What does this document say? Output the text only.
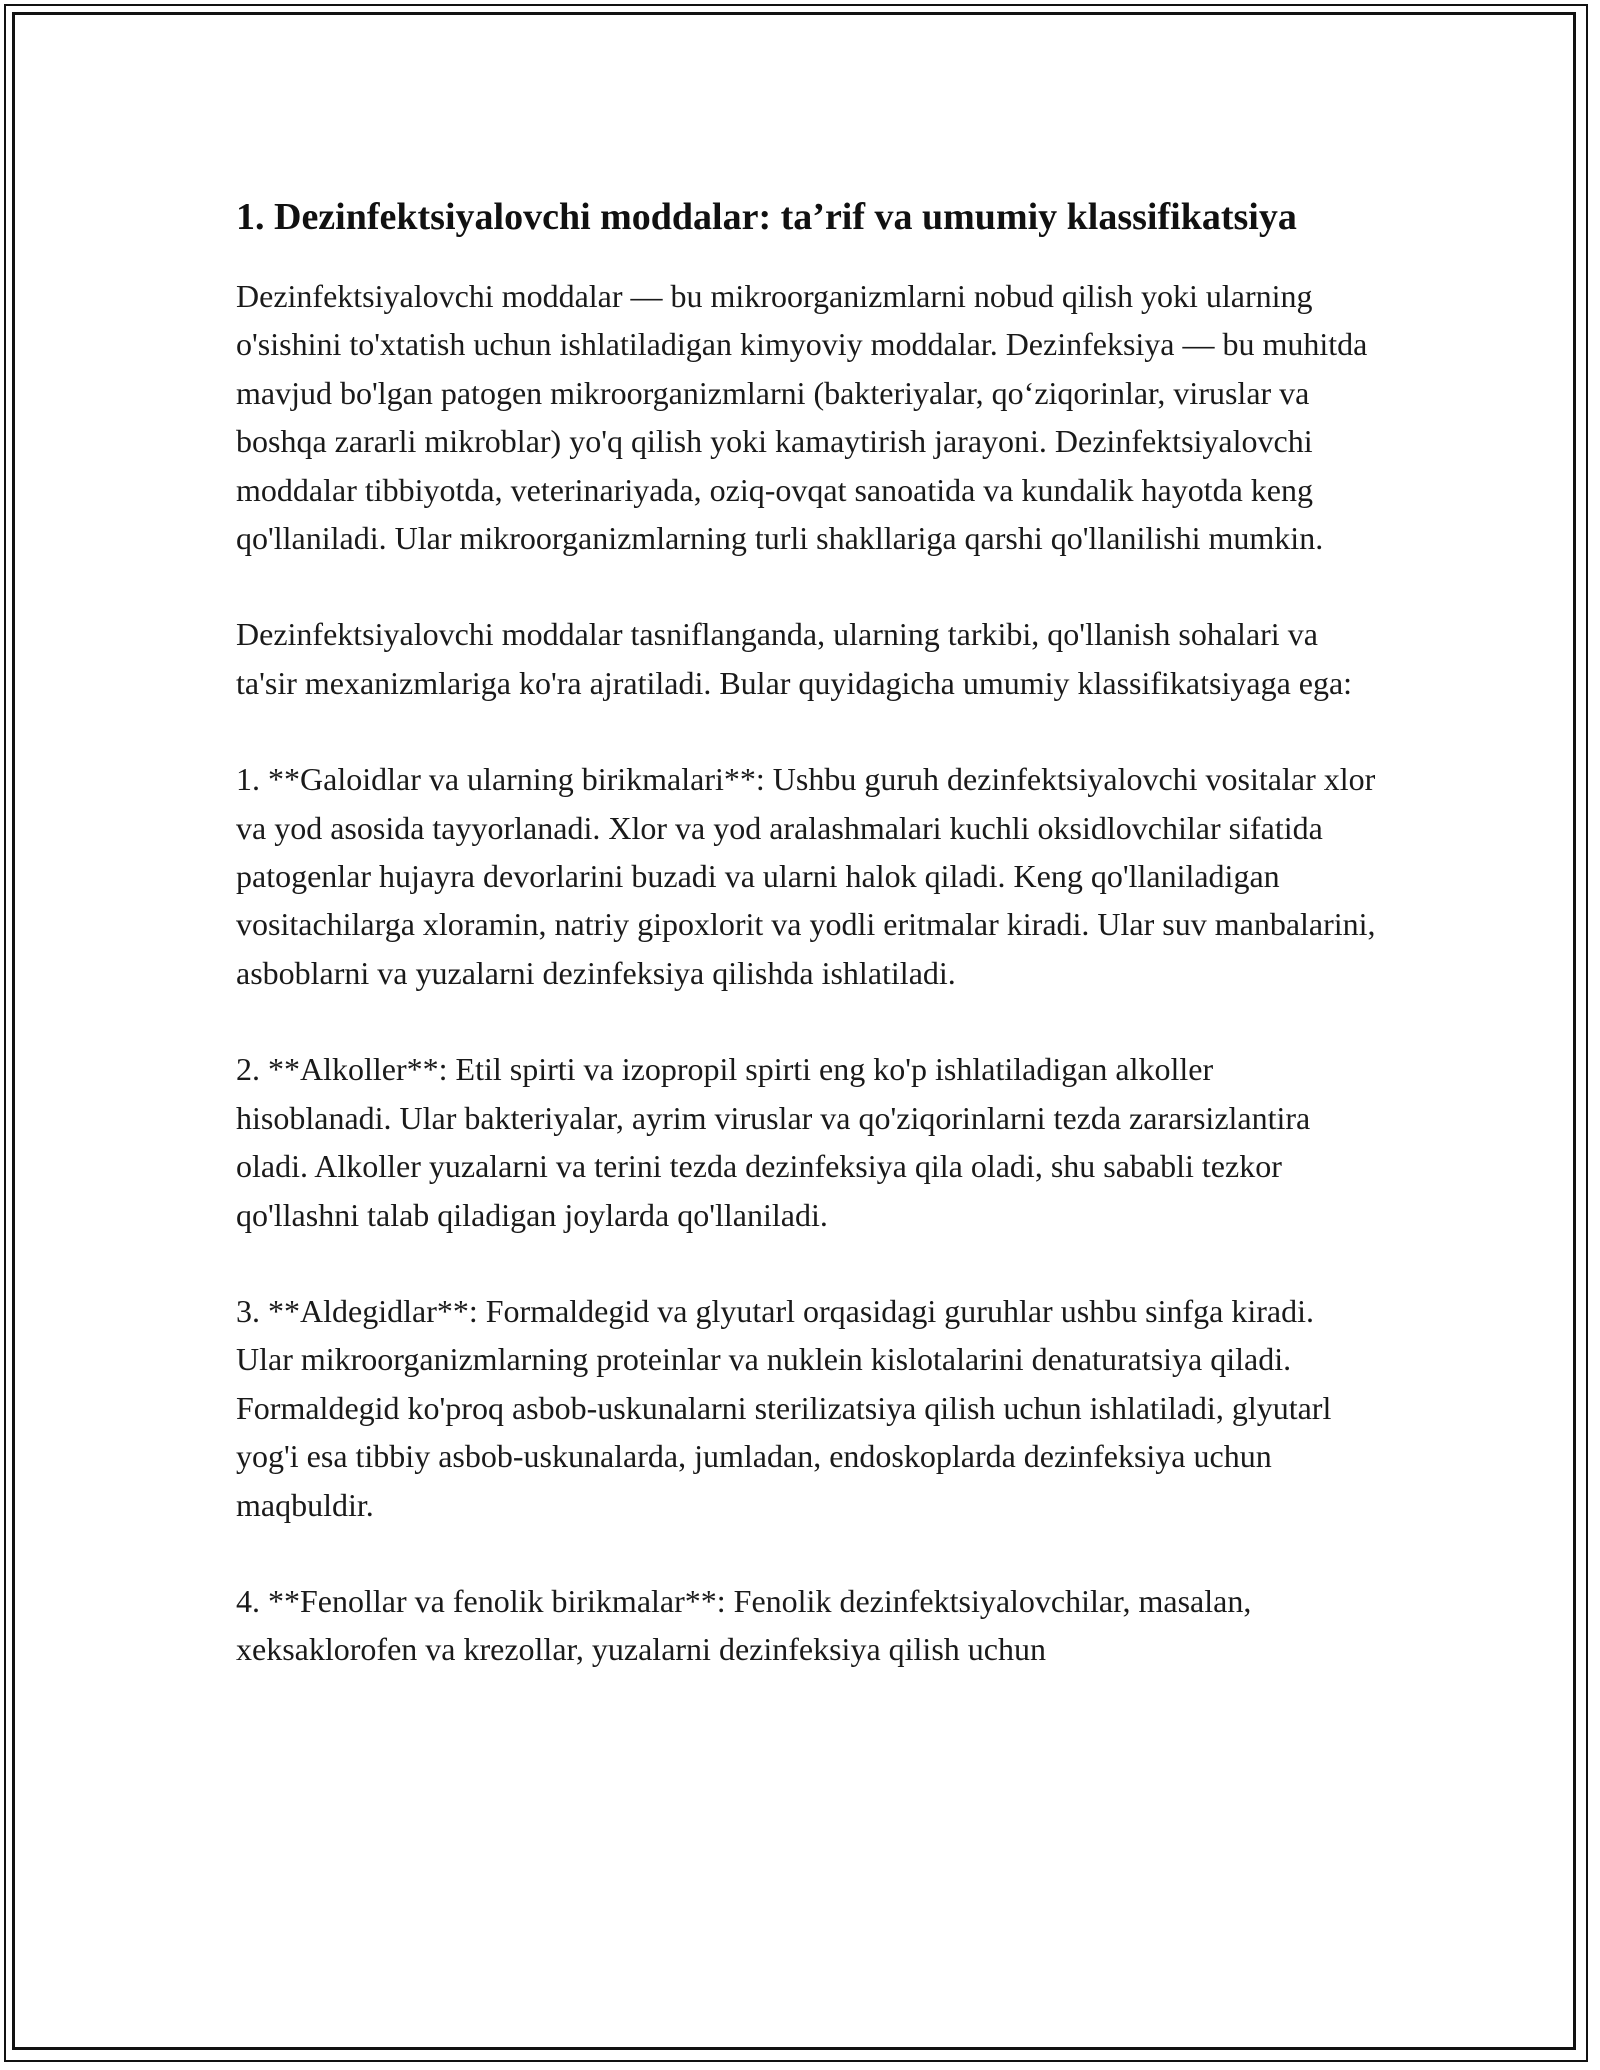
1. Dezinfektsiyalovchi moddalar: ta’rif va umumiy klassifikatsiya

Dezinfektsiyalovchi moddalar — bu mikroorganizmlarni nobud qilish yoki ularning o'sishini to'xtatish uchun ishlatiladigan kimyoviy moddalar. Dezinfeksiya — bu muhitda mavjud bo'lgan patogen mikroorganizmlarni (bakteriyalar, qo‘ziqorinlar, viruslar va boshqa zararli mikroblar) yo'q qilish yoki kamaytirish jarayoni. Dezinfektsiyalovchi moddalar tibbiyotda, veterinariyada, oziq-ovqat sanoatida va kundalik hayotda keng qo'llaniladi. Ular mikroorganizmlarning turli shakllariga qarshi qo'llanilishi mumkin.

Dezinfektsiyalovchi moddalar tasniflanganda, ularning tarkibi, qo'llanish sohalari va ta'sir mexanizmlariga ko'ra ajratiladi. Bular quyidagicha umumiy klassifikatsiyaga ega:

1. **Galoidlar va ularning birikmalari**: Ushbu guruh dezinfektsiyalovchi vositalar xlor va yod asosida tayyorlanadi. Xlor va yod aralashmalari kuchli oksidlovchilar sifatida patogenlar hujayra devorlarini buzadi va ularni halok qiladi. Keng qo'llaniladigan vositachilarga xloramin, natriy gipoxlorit va yodli eritmalar kiradi. Ular suv manbalarini, asboblarni va yuzalarni dezinfeksiya qilishda ishlatiladi.

2. **Alkoller**: Etil spirti va izopropil spirti eng ko'p ishlatiladigan alkoller hisoblanadi. Ular bakteriyalar, ayrim viruslar va qo'ziqorinlarni tezda zararsizlantira oladi. Alkoller yuzalarni va terini tezda dezinfeksiya qila oladi, shu sababli tezkor qo'llashni talab qiladigan joylarda qo'llaniladi.

3. **Aldegidlar**: Formaldegid va glyutarl orqasidagi guruhlar ushbu sinfga kiradi. Ular mikroorganizmlarning proteinlar va nuklein kislotalarini denaturatsiya qiladi. Formaldegid ko'proq asbob-uskunalarni sterilizatsiya qilish uchun ishlatiladi, glyutarl yog'i esa tibbiy asbob-uskunalarda, jumladan, endoskoplarda dezinfeksiya uchun maqbuldir.

4. **Fenollar va fenolik birikmalar**: Fenolik dezinfektsiyalovchilar, masalan, xeksaklorofen va krezollar, yuzalarni dezinfeksiya qilish uchun
